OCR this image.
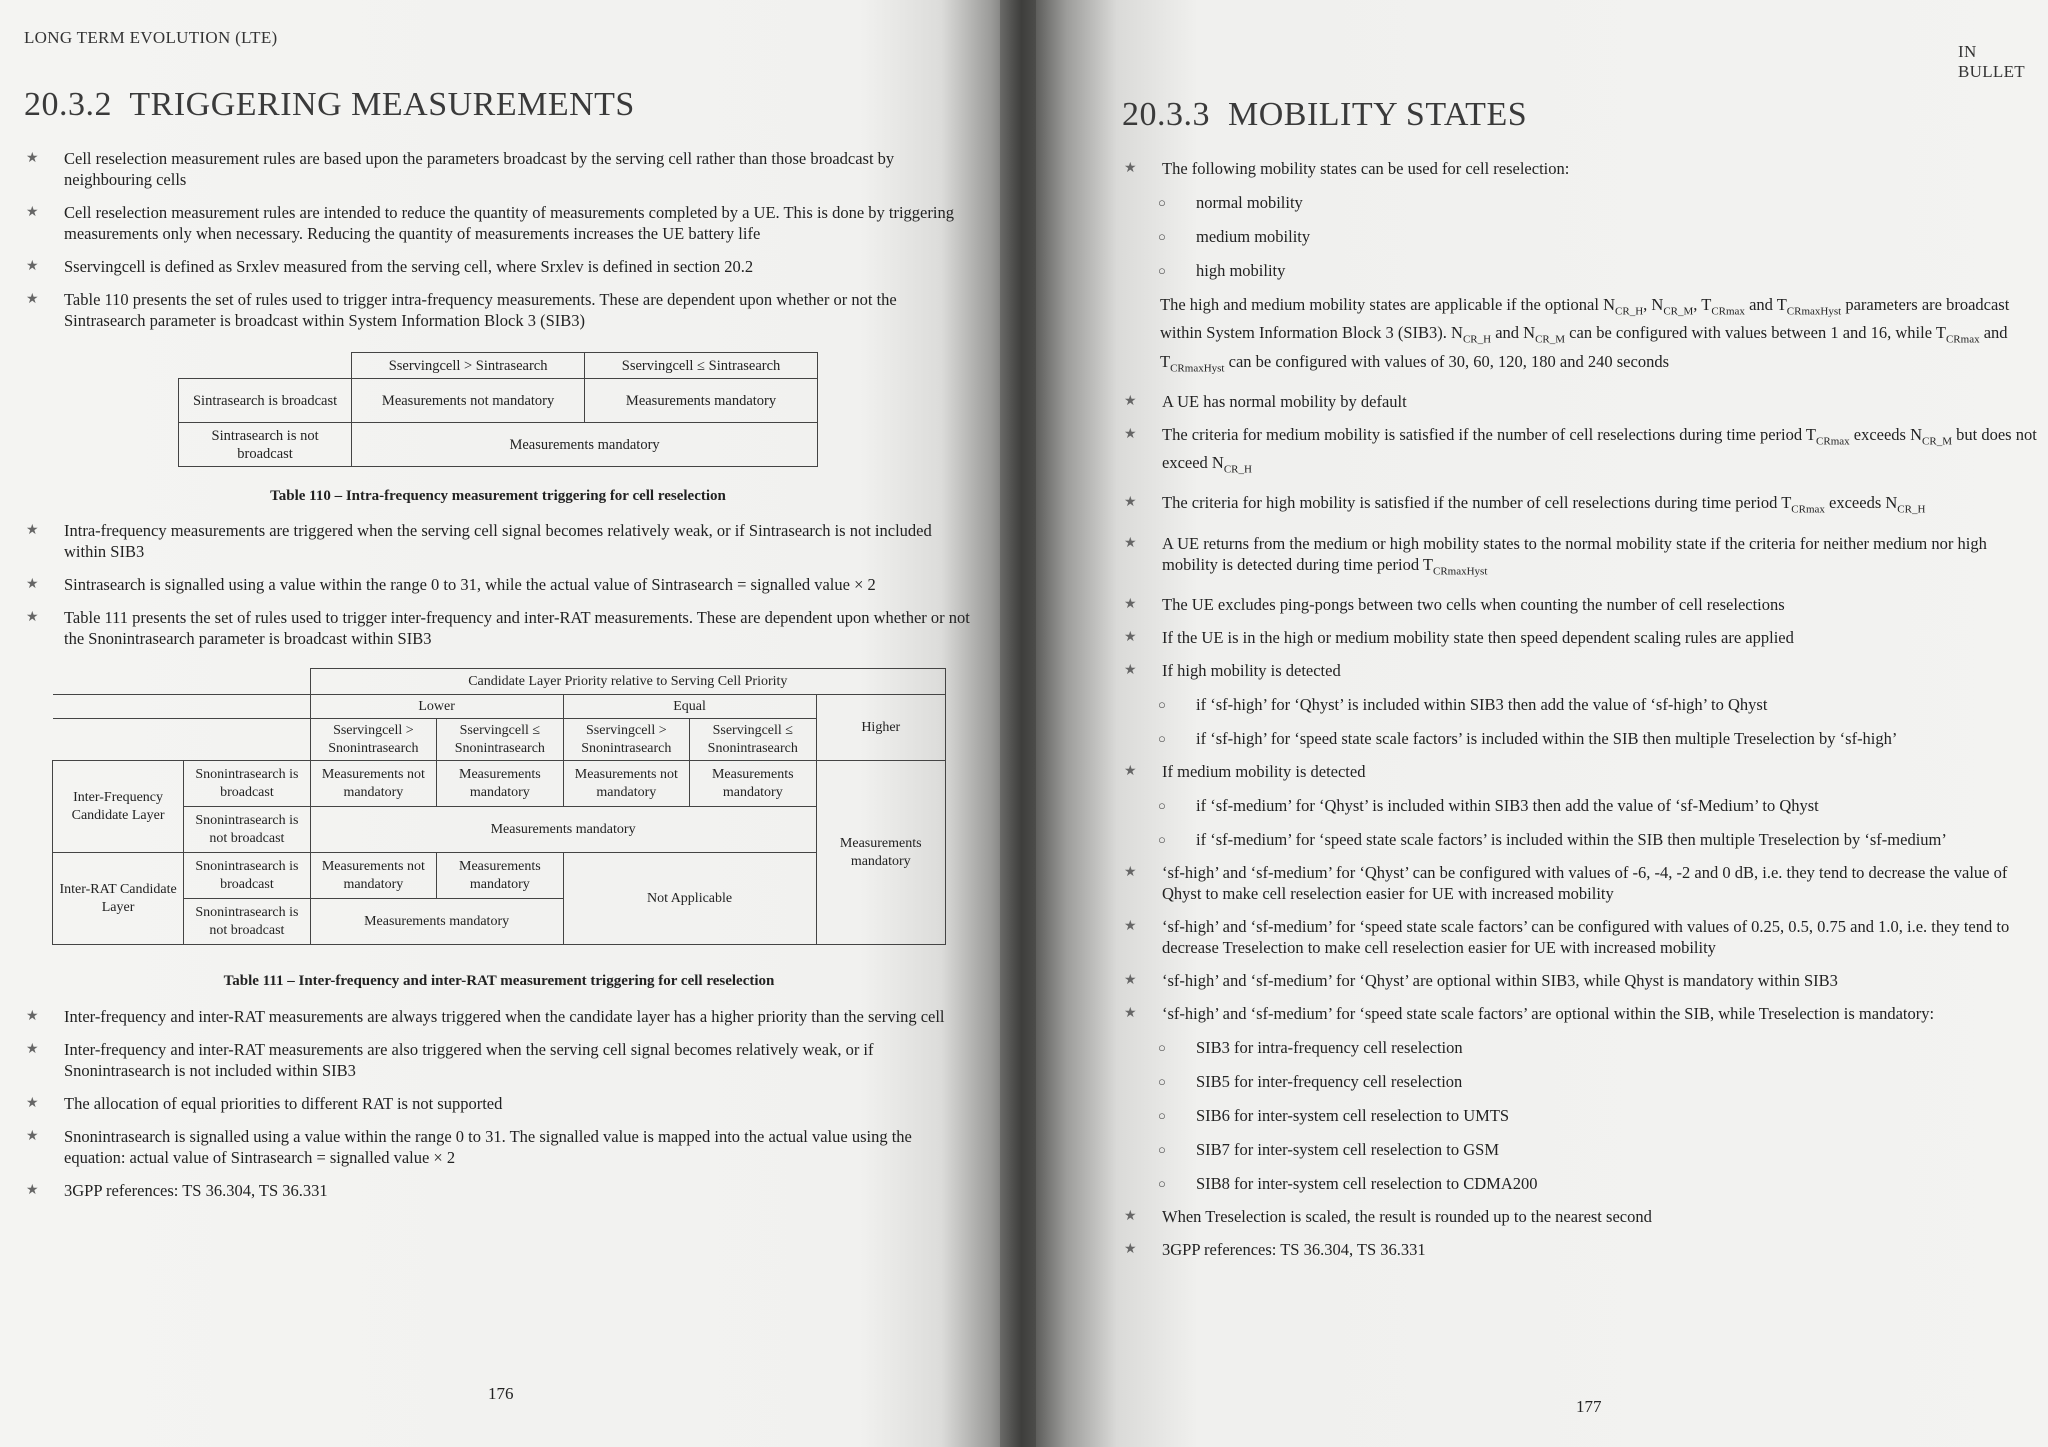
LONG TERM EVOLUTION (LTE)
20.3.2 TRIGGERING MEASUREMENTS
★ Cell reselection measurement rules are based upon the parameters broadcast by the serving cell rather than those broadcast by neighbouring cells
★ Cell reselection measurement rules are intended to reduce the quantity of measurements completed by a UE. This is done by triggering measurements only when necessary. Reducing the quantity of measurements increases the UE battery life
★ Sservingcell is defined as Srxlev measured from the serving cell, where Srxlev is defined in section 20.2
★ Table 110 presents the set of rules used to trigger intra-frequency measurements. These are dependent upon whether or not the Sintrasearch parameter is broadcast within System Information Block 3 (SIB3)
	Sservingcell > Sintrasearch	Sservingcell ≤ Sintrasearch
Sintrasearch is broadcast	Measurements not mandatory	Measurements mandatory
Sintrasearch is not broadcast	Measurements mandatory	
Table 110 – Intra-frequency measurement triggering for cell reselection
★ Intra-frequency measurements are triggered when the serving cell signal becomes relatively weak, or if Sintrasearch is not included within SIB3
★ Sintrasearch is signalled using a value within the range 0 to 31, while the actual value of Sintrasearch = signalled value × 2
★ Table 111 presents the set of rules used to trigger inter-frequency and inter-RAT measurements. These are dependent upon whether or not the Snonintrasearch parameter is broadcast within SIB3
		Candidate Layer Priority relative to Serving Cell Priority				
		Lower		Equal		Higher
		Sservingcell > Snonintrasearch	Sservingcell ≤ Snonintrasearch	Sservingcell > Snonintrasearch	Sservingcell ≤ Snonintrasearch	
Inter-Frequency Candidate Layer	Snonintrasearch is broadcast	Measurements not mandatory	Measurements mandatory	Measurements not mandatory	Measurements mandatory	Measurements mandatory
	Snonintrasearch is not broadcast	Measurements mandatory				
Inter-RAT Candidate Layer	Snonintrasearch is broadcast	Measurements not mandatory	Measurements mandatory	Not Applicable		
	Snonintrasearch is not broadcast	Measurements mandatory				
Table 111 – Inter-frequency and inter-RAT measurement triggering for cell reselection
★ Inter-frequency and inter-RAT measurements are always triggered when the candidate layer has a higher priority than the serving cell
★ Inter-frequency and inter-RAT measurements are also triggered when the serving cell signal becomes relatively weak, or if Snonintrasearch is not included within SIB3
★ The allocation of equal priorities to different RAT is not supported
★ Snonintrasearch is signalled using a value within the range 0 to 31. The signalled value is mapped into the actual value using the equation: actual value of Sintrasearch = signalled value × 2
★ 3GPP references: TS 36.304, TS 36.331
176
IN BULLET
20.3.3 MOBILITY STATES
★ The following mobility states can be used for cell reselection:
○ normal mobility
○ medium mobility
○ high mobility
The high and medium mobility states are applicable if the optional $N_{CR\_H}$, $N_{CR\_M}$, $T_{CRmax}$ and $T_{CRmaxHyst}$ parameters are broadcast within System Information Block 3 (SIB3). $N_{CR\_H}$ and $N_{CR\_M}$ can be configured with values between 1 and 16, while $T_{CRmax}$ and $T_{CRmaxHyst}$ can be configured with values of 30, 60, 120, 180 and 240 seconds
★ A UE has normal mobility by default
★ The criteria for medium mobility is satisfied if the number of cell reselections during time period $T_{CRmax}$ exceeds $N_{CR\_M}$ but does not exceed $N_{CR\_H}$
★ The criteria for high mobility is satisfied if the number of cell reselections during time period $T_{CRmax}$ exceeds $N_{CR\_H}$
★ A UE returns from the medium or high mobility states to the normal mobility state if the criteria for neither medium nor high mobility is detected during time period $T_{CRmaxHyst}$
★ The UE excludes ping-pongs between two cells when counting the number of cell reselections
★ If the UE is in the high or medium mobility state then speed dependent scaling rules are applied
★ If high mobility is detected
○ if ‘sf-high’ for ‘Qhyst’ is included within SIB3 then add the value of ‘sf-high’ to Qhyst
○ if ‘sf-high’ for ‘speed state scale factors’ is included within the SIB then multiple Treselection by ‘sf-high’
★ If medium mobility is detected
○ if ‘sf-medium’ for ‘Qhyst’ is included within SIB3 then add the value of ‘sf-Medium’ to Qhyst
○ if ‘sf-medium’ for ‘speed state scale factors’ is included within the SIB then multiple Treselection by ‘sf-medium’
★ ‘sf-high’ and ‘sf-medium’ for ‘Qhyst’ can be configured with values of -6, -4, -2 and 0 dB, i.e. they tend to decrease the value of Qhyst to make cell reselection easier for UE with increased mobility
★ ‘sf-high’ and ‘sf-medium’ for ‘speed state scale factors’ can be configured with values of 0.25, 0.5, 0.75 and 1.0, i.e. they tend to decrease Treselection to make cell reselection easier for UE with increased mobility
★ ‘sf-high’ and ‘sf-medium’ for ‘Qhyst’ are optional within SIB3, while Qhyst is mandatory within SIB3
★ ‘sf-high’ and ‘sf-medium’ for ‘speed state scale factors’ are optional within the SIB, while Treselection is mandatory:
○ SIB3 for intra-frequency cell reselection
○ SIB5 for inter-frequency cell reselection
○ SIB6 for inter-system cell reselection to UMTS
○ SIB7 for inter-system cell reselection to GSM
○ SIB8 for inter-system cell reselection to CDMA200
★ When Treselection is scaled, the result is rounded up to the nearest second
★ 3GPP references: TS 36.304, TS 36.331
177
